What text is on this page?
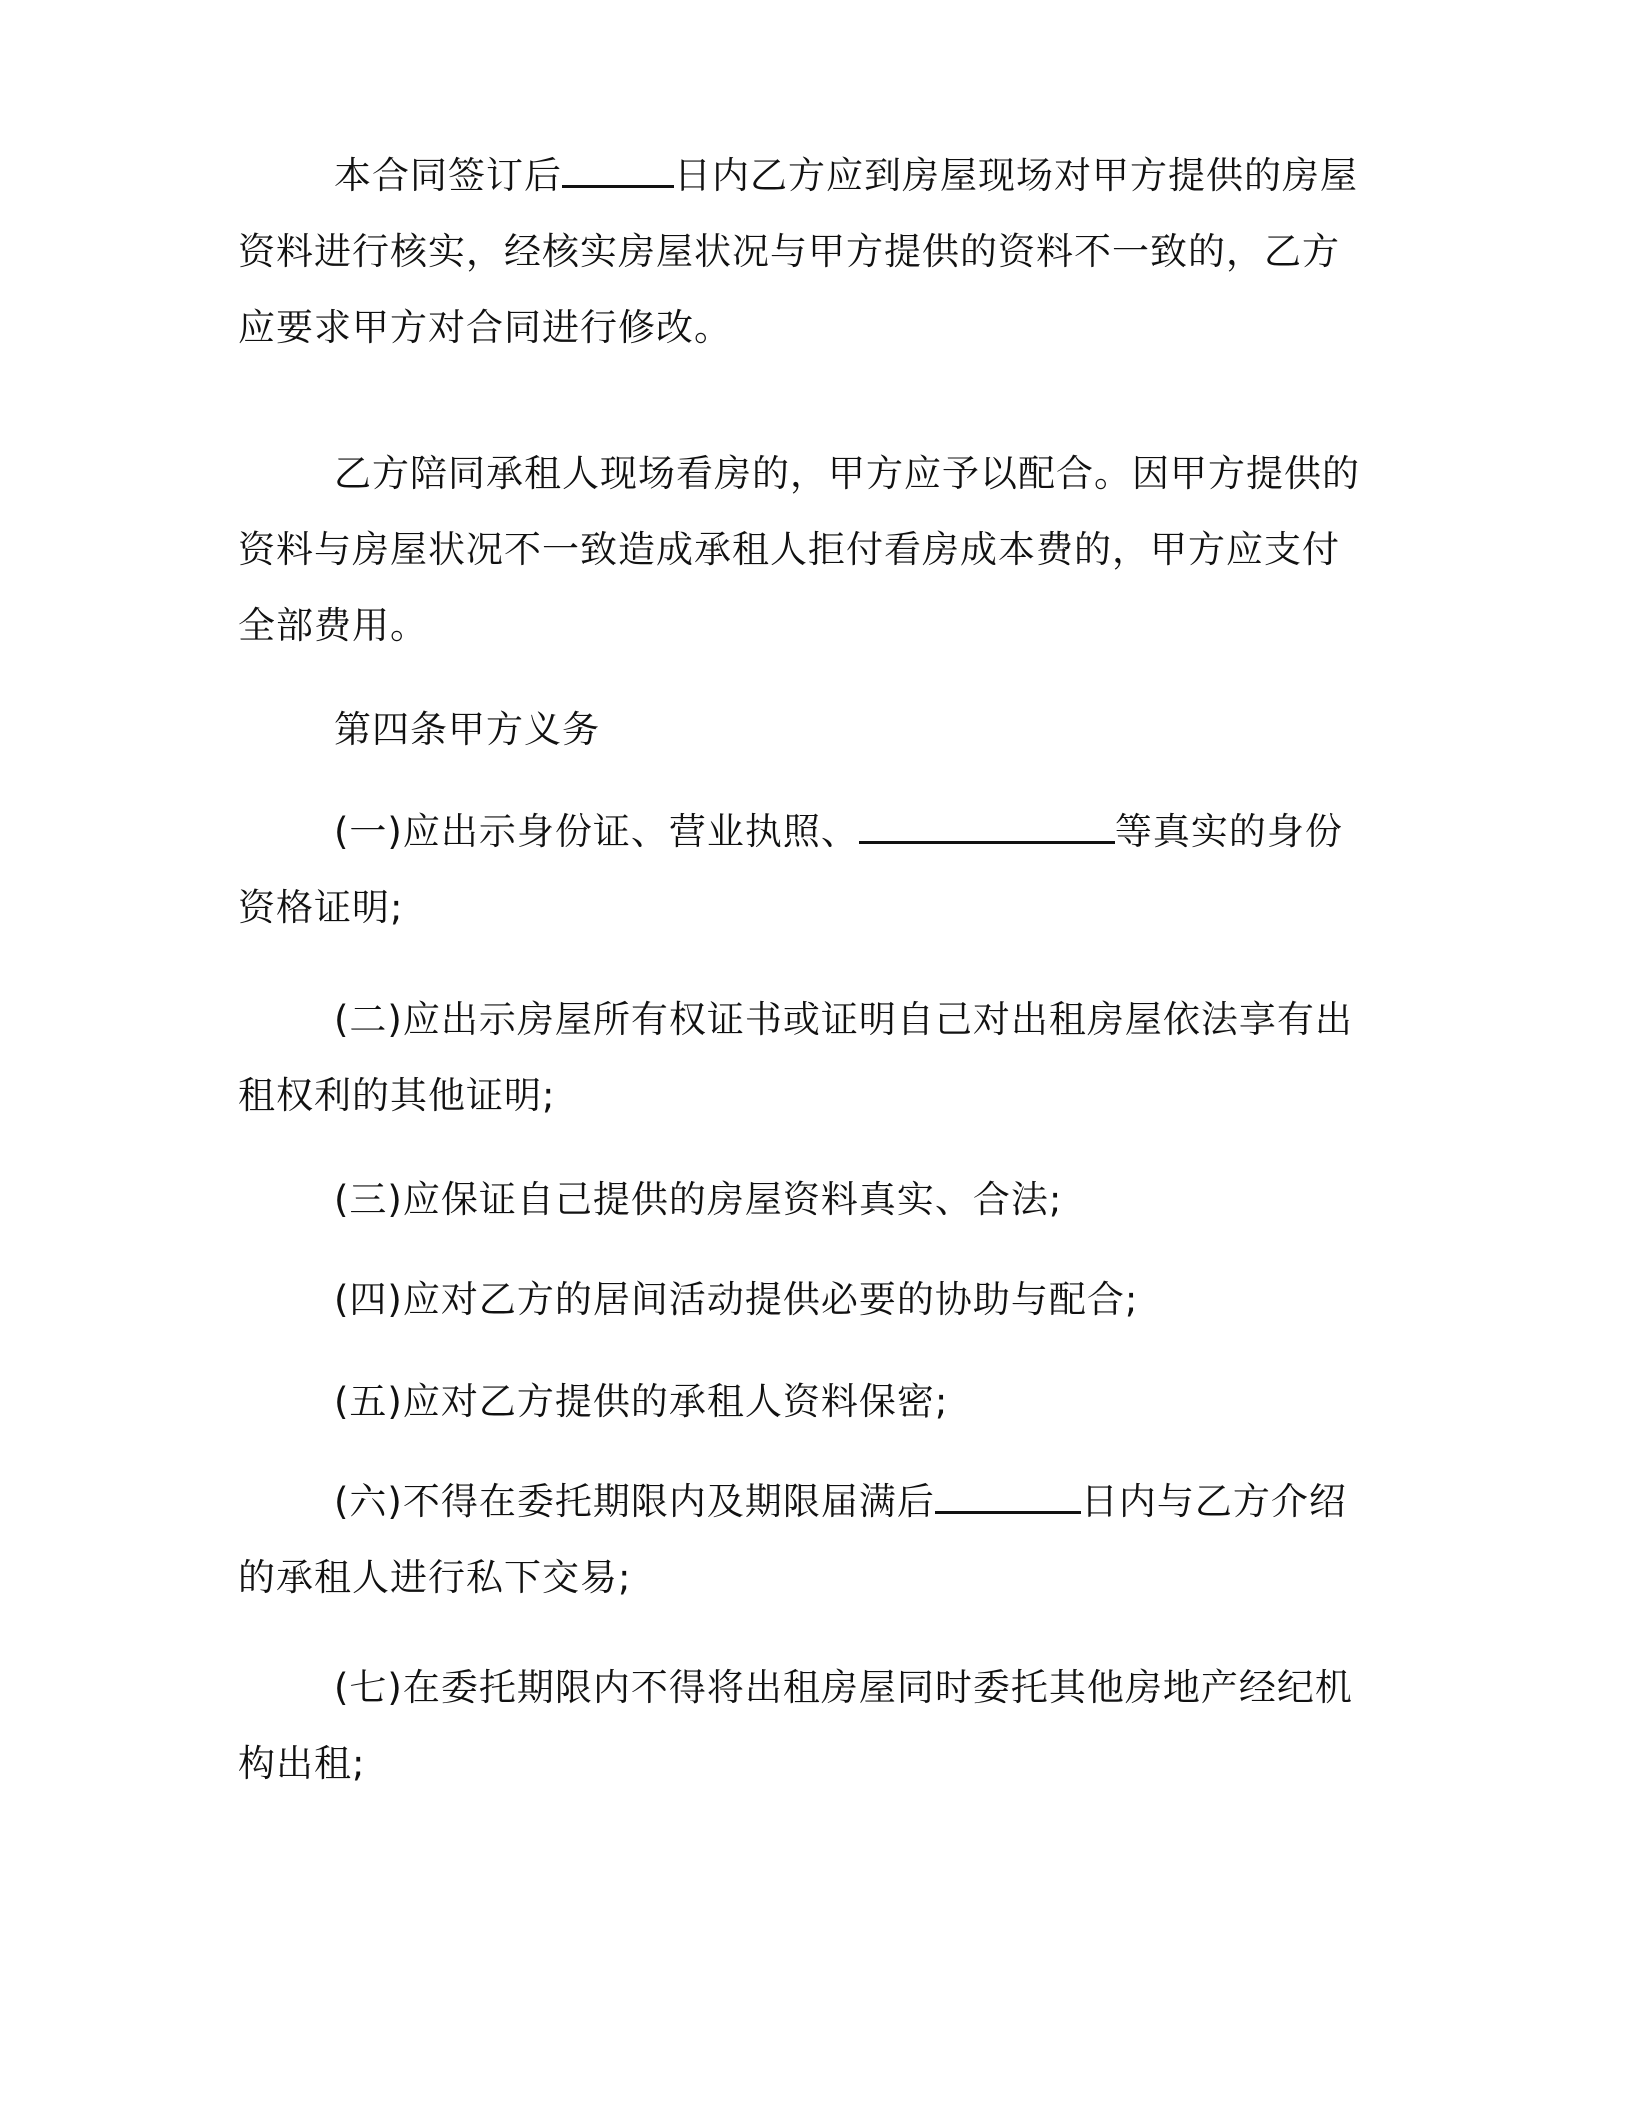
本合同签订后	日内乙方应到房屋现场对甲方提供的房屋资料进行核实，经核实房屋状况与甲方提供的资料不一致的，乙方应要求甲方对合同进行修改。

乙方陪同承租人现场看房的，甲方应予以配合。因甲方提供的资料与房屋状况不一致造成承租人拒付看房成本费的，甲方应支付全部费用。

第四条甲方义务

(一)应出示身份证、营业执照、	等真实的身份资格证明;

(二)应出示房屋所有权证书或证明自己对出租房屋依法享有出租权利的其他证明;

(三)应保证自己提供的房屋资料真实、合法;

(四)应对乙方的居间活动提供必要的协助与配合;

(五)应对乙方提供的承租人资料保密;

(六)不得在委托期限内及期限届满后	日内与乙方介绍的承租人进行私下交易;

(七)在委托期限内不得将出租房屋同时委托其他房地产经纪机构出租;
